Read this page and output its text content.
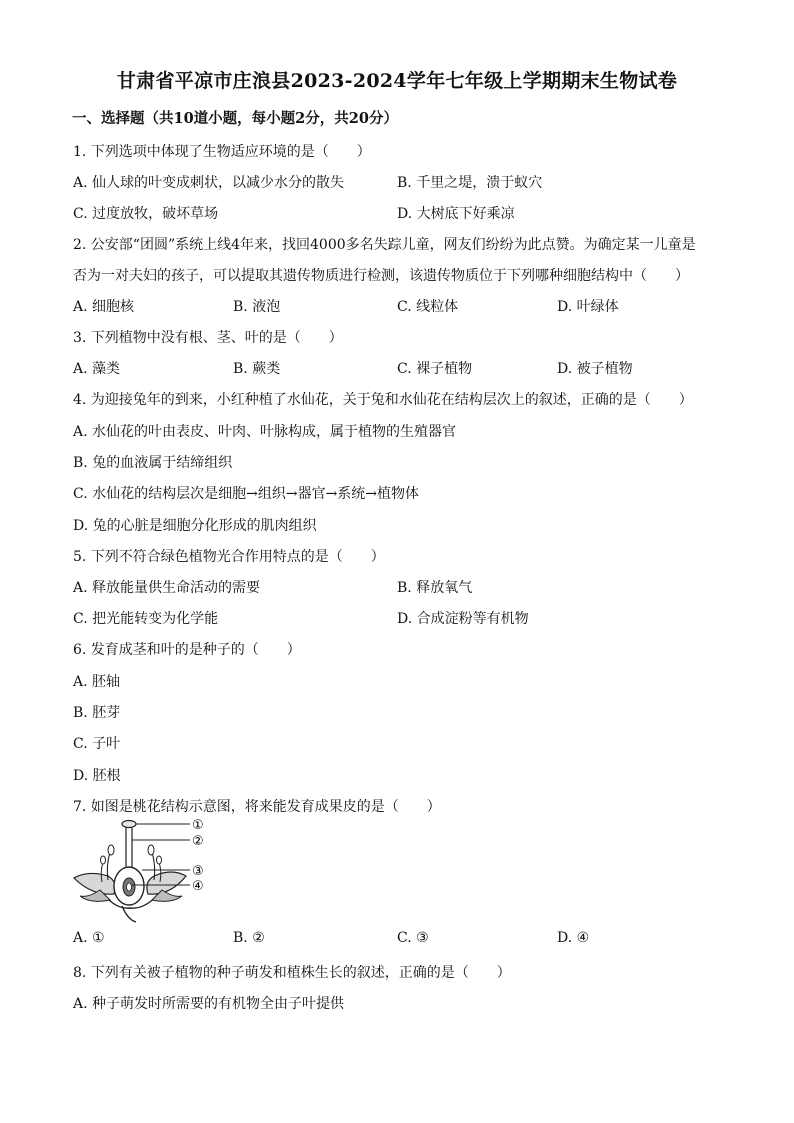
甘肃省平凉市庄浪县2023-2024学年七年级上学期期末生物试卷
一、选择题（共10道小题，每小题2分，共20分）
1. 下列选项中体现了生物适应环境的是（　　）
A. 仙人球的叶变成刺状，以减少水分的散失	B. 千里之堤，溃于蚁穴
C. 过度放牧，破坏草场	D. 大树底下好乘凉
2. 公安部“团圆”系统上线4年来，找回4000多名失踪儿童，网友们纷纷为此点赞。为确定某一儿童是
否为一对夫妇的孩子，可以提取其遗传物质进行检测，该遗传物质位于下列哪种细胞结构中（　　）
A. 细胞核	B. 液泡	C. 线粒体	D. 叶绿体
3. 下列植物中没有根、茎、叶的是（　　）
A. 藻类	B. 蕨类	C. 裸子植物	D. 被子植物
4. 为迎接兔年的到来，小红种植了水仙花，关于兔和水仙花在结构层次上的叙述，正确的是（　　）
A. 水仙花的叶由表皮、叶肉、叶脉构成，属于植物的生殖器官
B. 兔的血液属于结缔组织
C. 水仙花的结构层次是细胞→组织→器官→系统→植物体
D. 兔的心脏是细胞分化形成的肌肉组织
5. 下列不符合绿色植物光合作用特点的是（　　）
A. 释放能量供生命活动的需要	B. 释放氧气
C. 把光能转变为化学能	D. 合成淀粉等有机物
6. 发育成茎和叶的是种子的（　　）
A. 胚轴
B. 胚芽
C. 子叶
D. 胚根
7. 如图是桃花结构示意图，将来能发育成果皮的是（　　）
①
②
③
④
A. ①	B. ②	C. ③	D. ④
8. 下列有关被子植物的种子萌发和植株生长的叙述，正确的是（　　）
A. 种子萌发时所需要的有机物全由子叶提供
